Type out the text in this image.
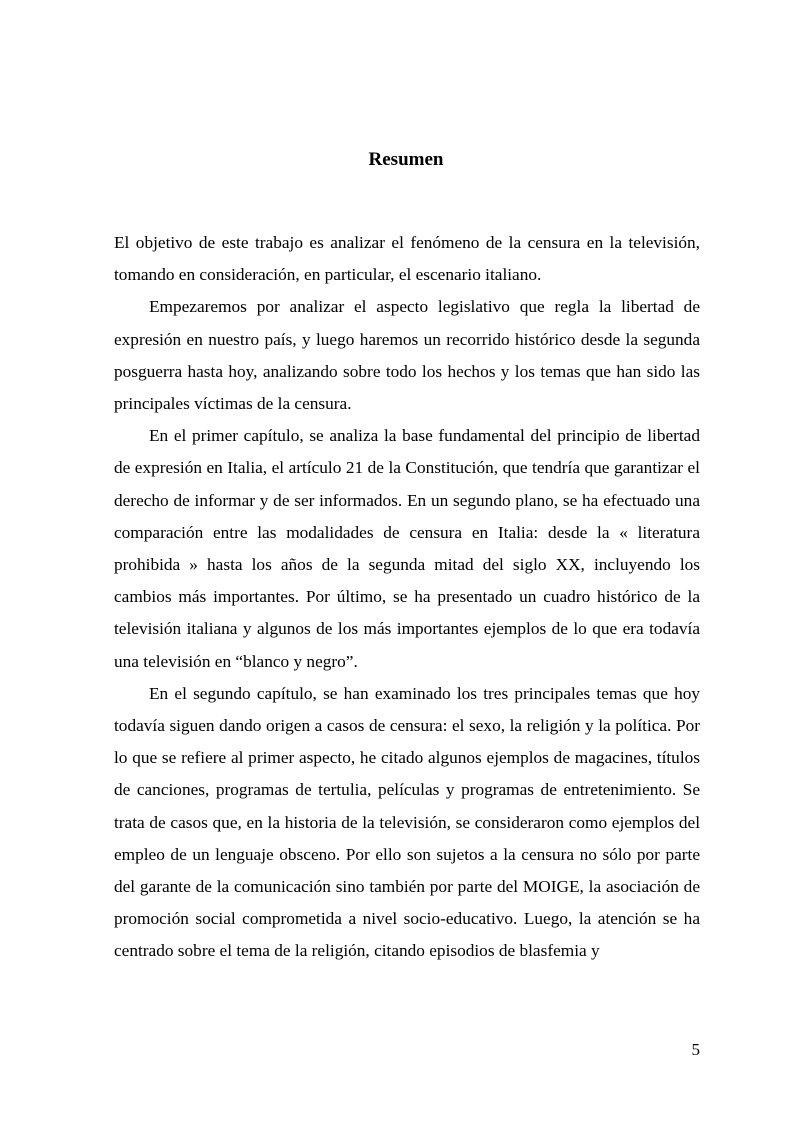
Resumen

El objetivo de este trabajo es analizar el fenómeno de la censura en la televisión, tomando en consideración, en particular, el escenario italiano.

Empezaremos por analizar el aspecto legislativo que regla la libertad de expresión en nuestro país, y luego haremos un recorrido histórico desde la segunda posguerra hasta hoy, analizando sobre todo los hechos y los temas que han sido las principales víctimas de la censura.

En el primer capítulo, se analiza la base fundamental del principio de libertad de expresión en Italia, el artículo 21 de la Constitución, que tendría que garantizar el derecho de informar y de ser informados. En un segundo plano, se ha efectuado una comparación entre las modalidades de censura en Italia: desde la « literatura prohibida » hasta los años de la segunda mitad del siglo XX, incluyendo los cambios más importantes. Por último, se ha presentado un cuadro histórico de la televisión italiana y algunos de los más importantes ejemplos de lo que era todavía una televisión en “blanco y negro”.

En el segundo capítulo, se han examinado los tres principales temas que hoy todavía siguen dando origen a casos de censura: el sexo, la religión y la política. Por lo que se refiere al primer aspecto, he citado algunos ejemplos de magacines, títulos de canciones, programas de tertulia, películas y programas de entretenimiento. Se trata de casos que, en la historia de la televisión, se consideraron como ejemplos del empleo de un lenguaje obsceno. Por ello son sujetos a la censura no sólo por parte del garante de la comunicación sino también por parte del MOIGE, la asociación de promoción social comprometida a nivel socio-educativo. Luego, la atención se ha centrado sobre el tema de la religión, citando episodios de blasfemia y

5
